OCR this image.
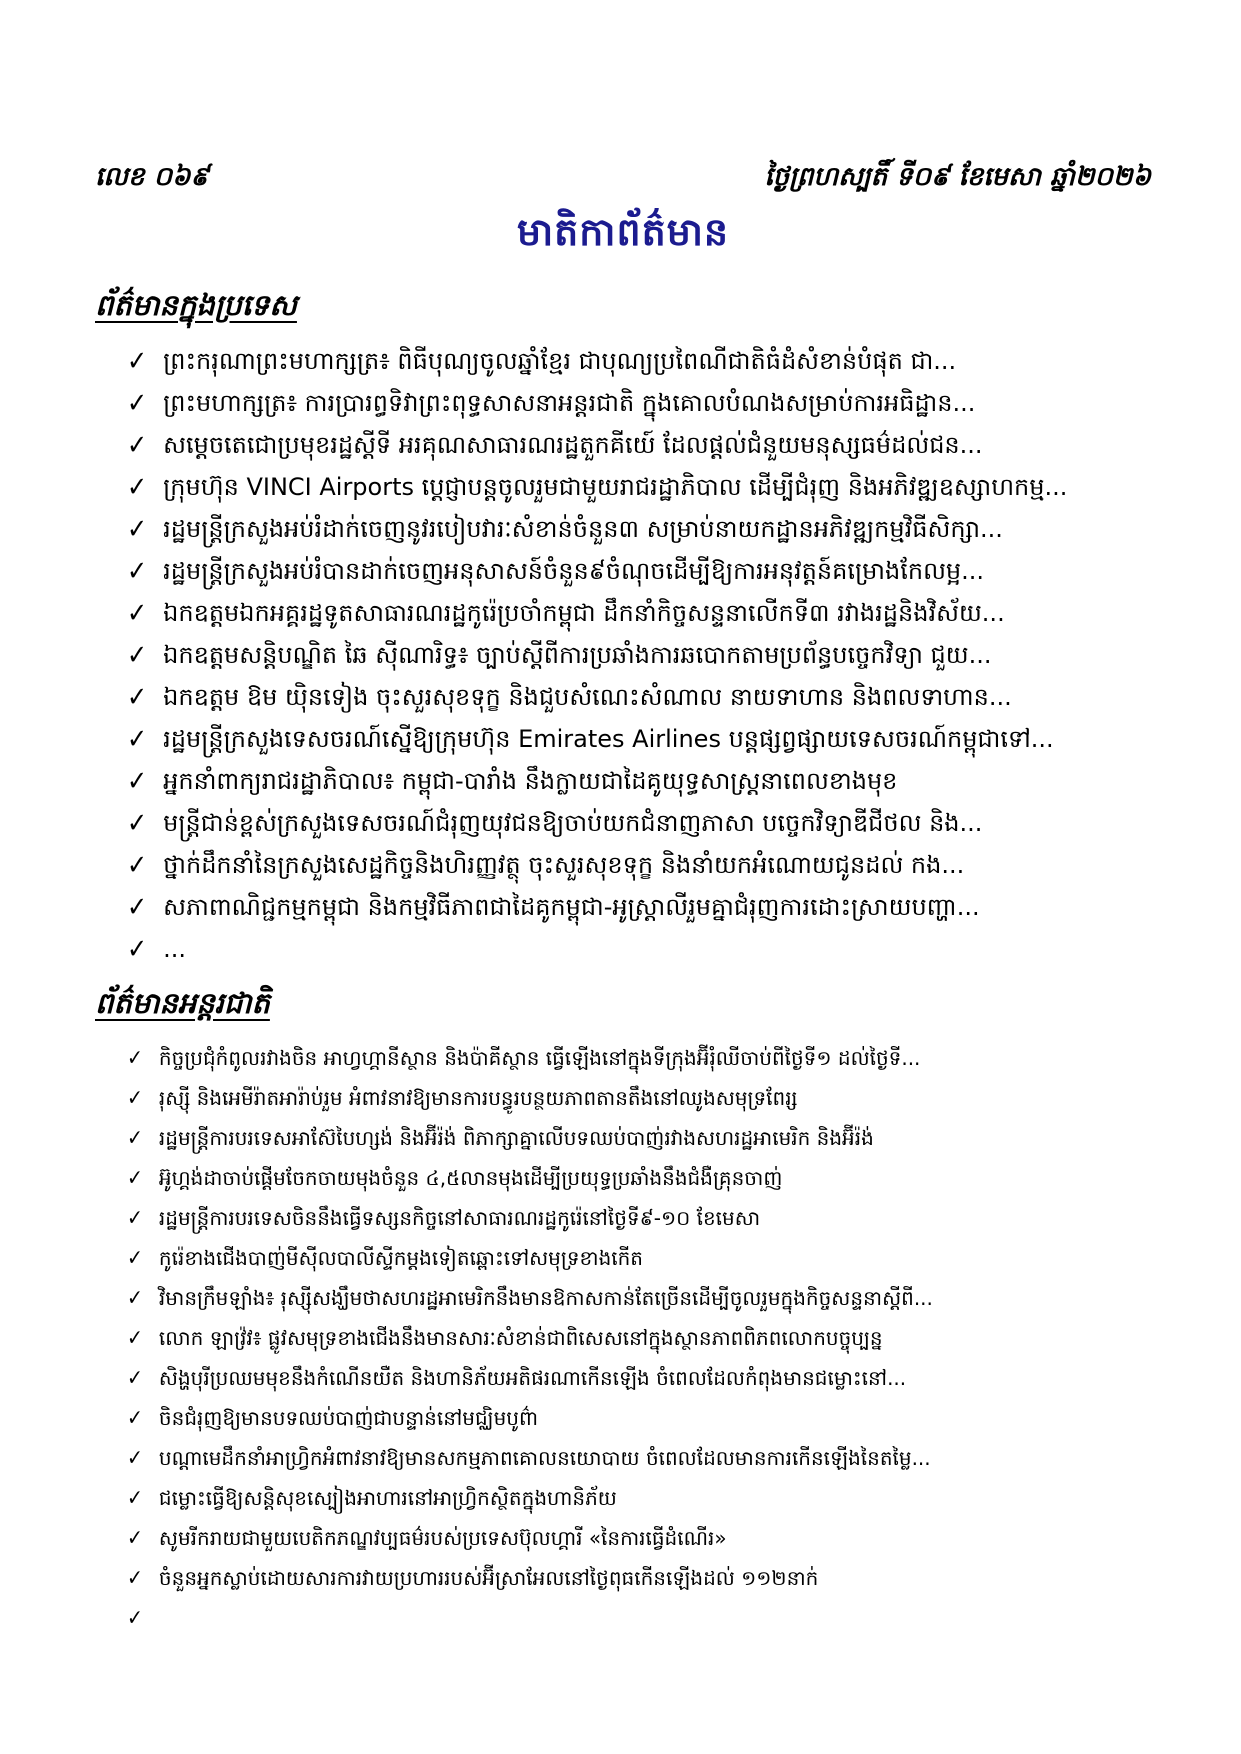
លេខ ០៦៩	ថ្ងៃព្រហស្បតិ៍ ទី០៩ ខែមេសា ឆ្នាំ២០២៦
មាតិកាព័ត៌មាន
ព័ត៌មានក្នុងប្រទេស
✓ ព្រះករុណាព្រះមហាក្សត្រ៖ ពិធីបុណ្យចូលឆ្នាំខ្មែរ ជាបុណ្យប្រពៃណីជាតិធំដំសំខាន់បំផុត ជា...
✓ ព្រះមហាក្សត្រ៖ ការប្រារព្ធទិវាព្រះពុទ្ធសាសនាអន្តរជាតិ ក្នុងគោលបំណងសម្រាប់ការអធិដ្ឋាន...
✓ សម្តេចតេជោប្រមុខរដ្ឋស្តីទី អរគុណសាធារណរដ្ឋតួកគីយេ៍ ដែលផ្តល់ជំនួយមនុស្សធម៌ដល់ជន...
✓ ក្រុមហ៊ុន VINCI Airports ប្តេជ្ញាបន្តចូលរួមជាមួយរាជរដ្ឋាភិបាល ដើម្បីជំរុញ និងអភិវឌ្ឍឧស្សាហកម្ម...
✓ រដ្ឋមន្ត្រីក្រសួងអប់រំដាក់ចេញនូវរបៀបវារៈសំខាន់ចំនួន៣ សម្រាប់នាយកដ្ឋានអភិវឌ្ឍកម្មវិធីសិក្សា...
✓ រដ្ឋមន្ត្រីក្រសួងអប់រំបានដាក់ចេញអនុសាសន៍ចំនួន៩ចំណុចដើម្បីឱ្យការអនុវត្តន៍គម្រោងកែលម្អ...
✓ ឯកឧត្តមឯកអគ្គរដ្ឋទូតសាធារណរដ្ឋកូរ៉េប្រចាំកម្ពុជា ដឹកនាំកិច្ចសន្ទនាលើកទី៣ រវាងរដ្ឋនិងវិស័យ...
✓ ឯកឧត្តមសន្តិបណ្ឌិត ឆៃ ស៊ីណារិទ្ធ៖ ច្បាប់ស្តីពីការប្រឆាំងការឆបោកតាមប្រព័ន្ធបច្ចេកវិទ្យា ជួយ...
✓ ឯកឧត្តម ឱម យ៉ិនទៀង ចុះសួរសុខទុក្ខ និងជួបសំណេះសំណាល នាយទាហាន និងពលទាហាន...
✓ រដ្ឋមន្ត្រីក្រសួងទេសចរណ៍ស្នើឱ្យក្រុមហ៊ុន Emirates Airlines បន្តផ្សព្វផ្សាយទេសចរណ៍កម្ពុជាទៅ...
✓ អ្នកនាំពាក្យរាជរដ្ឋាភិបាល៖ កម្ពុជា-បារាំង នឹងក្លាយជាដៃគូយុទ្ធសាស្ត្រនាពេលខាងមុខ
✓ មន្ត្រីជាន់ខ្ពស់ក្រសួងទេសចរណ៍ជំរុញយុវជនឱ្យចាប់យកជំនាញភាសា បច្ចេកវិទ្យាឌីជីថល និង...
✓ ថ្នាក់ដឹកនាំនៃក្រសួងសេដ្ឋកិច្ចនិងហិរញ្ញវត្ថុ ចុះសួរសុខទុក្ខ និងនាំយកអំណោយជូនដល់ កង...
✓ សភាពាណិជ្ជកម្មកម្ពុជា និងកម្មវិធីភាពជាដៃគូកម្ពុជា-អូស្ត្រាលីរួមគ្នាជំរុញការដោះស្រាយបញ្ហា...
✓ ...
ព័ត៌មានអន្តរជាតិ
✓ កិច្ចប្រជុំកំពូលរវាងចិន អាហ្វហ្គានីស្ថាន និងប៉ាគីស្ថាន ធ្វើឡើងនៅក្នុងទីក្រុងអ៊ីរុំឈីចាប់ពីថ្ងៃទី១ ដល់ថ្ងៃទី...
✓ រុស្ស៊ី និងអេមីរ៉ាតអារ៉ាប់រួម អំពាវនាវឱ្យមានការបន្ធូរបន្ថយភាពតានតឹងនៅឈូងសមុទ្រពែរ្ស
✓ រដ្ឋមន្ត្រីការបរទេសអាស៊ែបៃហ្សង់ និងអ៊ីរ៉ង់ ពិភាក្សាគ្នាលើបទឈប់បាញ់រវាងសហរដ្ឋអាមេរិក និងអ៊ីរ៉ង់
✓ អ៊ូហ្គង់ដាចាប់ផ្តើមចែកចាយមុងចំនួន ៤,៥លានមុងដើម្បីប្រយុទ្ធប្រឆាំងនឹងជំងឺគ្រុនចាញ់
✓ រដ្ឋមន្ត្រីការបរទេសចិននឹងធ្វើទស្សនកិច្ចនៅសាធារណរដ្ឋកូរ៉េនៅថ្ងៃទី៩-១០ ខែមេសា
✓ កូរ៉េខាងជើងបាញ់មីស៊ីលបាលីស្ទីកម្តងទៀតឆ្ពោះទៅសមុទ្រខាងកើត
✓ វិមានក្រឹមឡាំង៖ រុស្ស៊ីសង្ឃឹមថាសហរដ្ឋអាមេរិកនឹងមានឱកាសកាន់តែច្រើនដើម្បីចូលរួមក្នុងកិច្ចសន្ទនាស្តីពី...
✓ លោក ឡាវ៉្រវ៖ ផ្លូវសមុទ្រខាងជើងនឹងមានសារៈសំខាន់ជាពិសេសនៅក្នុងស្ថានភាពពិភពលោកបច្ចុប្បន្ន
✓ សិង្ហបុរីប្រឈមមុខនឹងកំណើនយឺត និងហានិភ័យអតិផរណាកើនឡើង ចំពេលដែលកំពុងមានជម្លោះនៅ...
✓ ចិនជំរុញឱ្យមានបទឈប់បាញ់ជាបន្ទាន់នៅមជ្ឈិមបូព៌ា
✓ បណ្តាមេដឹកនាំអាហ្រ្វិកអំពាវនាវឱ្យមានសកម្មភាពគោលនយោបាយ ចំពេលដែលមានការកើនឡើងនៃតម្លៃ...
✓ ជម្លោះធ្វើឱ្យសន្តិសុខស្បៀងអាហារនៅអាហ្វ្រិកស្ថិតក្នុងហានិភ័យ
✓ សូមរីករាយជាមួយបេតិកភណ្ឌវប្បធម៌របស់ប្រទេសប៊ុលហ្គារី «នៃការធ្វើដំណើរ»
✓ ចំនួនអ្នកស្លាប់ដោយសារការវាយប្រហាររបស់អ៊ីស្រាអែលនៅថ្ងៃពុធកើនឡើងដល់ ១១២នាក់
✓
